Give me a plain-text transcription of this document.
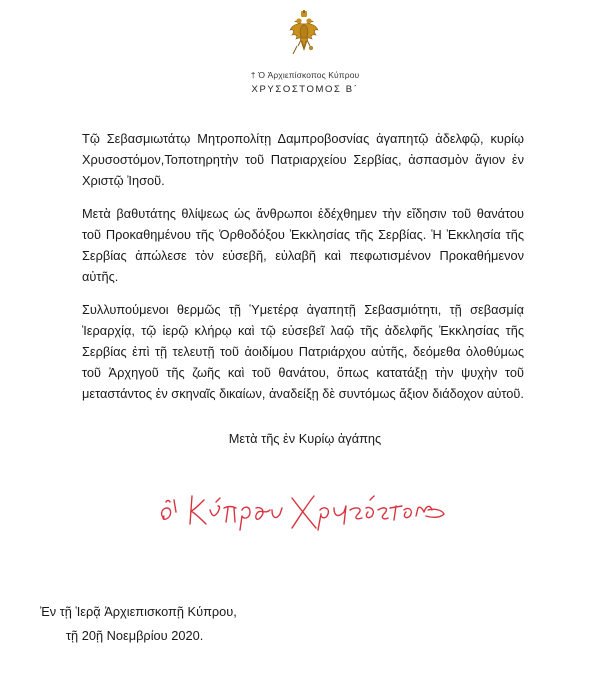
† Ὁ Ἀρχιεπίσκοπος Κύπρου
ΧΡΥΣΟΣΤΟΜΟΣ Β΄

Τῷ Σεβασμιωτάτῳ Μητροπολίτῃ Δαμπροβοσνίας ἀγαπητῷ ἀδελφῷ, κυρίῳ Χρυσοστόμον,Τοποτηρητὴν τοῦ Πατριαρχείου Σερβίας, ἀσπασμὸν ἅγιον ἐν Χριστῷ Ἰησοῦ.

Μετὰ βαθυτάτης θλίψεως ὡς ἄνθρωποι ἐδέχθημεν τὴν εἴδησιν τοῦ θανάτου τοῦ Προκαθημένου τῆς Ὀρθοδόξου Ἐκκλησίας τῆς Σερβίας. Ἡ Ἐκκλησία τῆς Σερβίας ἀπώλεσε τὸν εὐσεβῆ, εὐλαβῆ καὶ πεφωτισμένον Προκαθήμενον αὐτῆς.

Συλλυπούμενοι θερμῶς τῇ Ὑμετέρᾳ ἀγαπητῇ Σεβασμιότητι, τῇ σεβασμίᾳ Ἱεραρχίᾳ, τῷ ἱερῷ κλήρῳ καὶ τῷ εὐσεβεῖ λαῷ τῆς ἀδελφῆς Ἐκκλησίας τῆς Σερβίας ἐπὶ τῇ τελευτῇ τοῦ ἀοιδίμου Πατριάρχου αὐτῆς, δεόμεθα ὁλοθύμως τοῦ Ἀρχηγοῦ τῆς ζωῆς καὶ τοῦ θανάτου, ὅπως κατατάξῃ τὴν ψυχὴν τοῦ μεταστάντος ἐν σκηναῖς δικαίων, ἀναδείξῃ δὲ συντόμως ἄξιον διάδοχον αὐτοῦ.

Μετὰ τῆς ἐν Κυρίῳ ἀγάπης
Ἐν τῇ Ἱερᾷ Ἀρχιεπισκοπῇ Κύπρου,
τῇ 20ῇ Νοεμβρίου 2020.
